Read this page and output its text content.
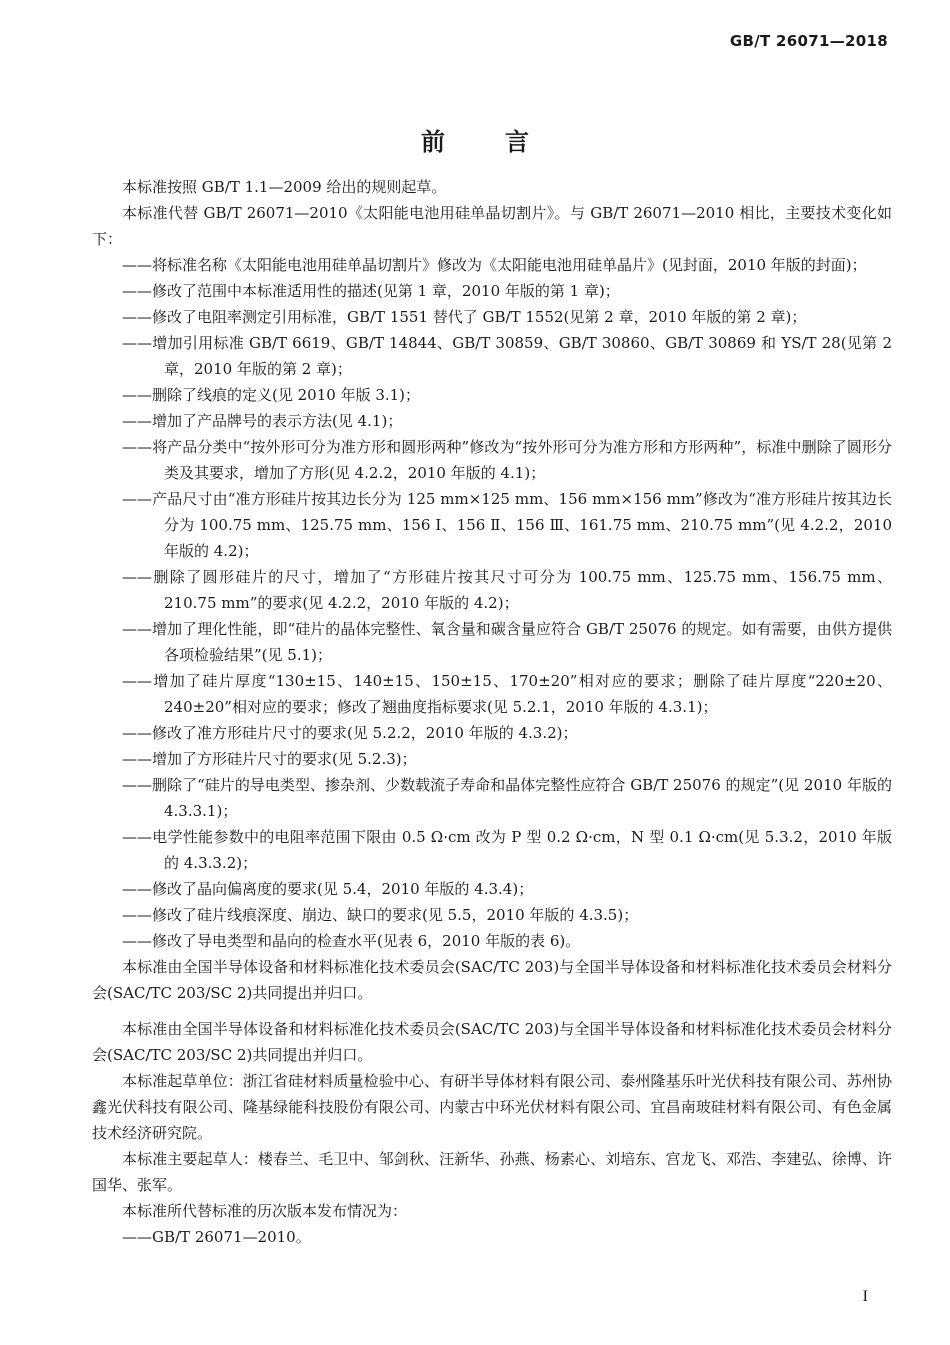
GB/T 26071—2018
前言
本标准按照 GB/T 1.1—2009 给出的规则起草。
本标准代替 GB/T 26071—2010《太阳能电池用硅单晶切割片》。与 GB/T 26071—2010 相比，主要技术变化如下：
——将标准名称《太阳能电池用硅单晶切割片》修改为《太阳能电池用硅单晶片》(见封面，2010 年版的封面)；
——修改了范围中本标准适用性的描述(见第 1 章，2010 年版的第 1 章)；
——修改了电阻率测定引用标准，GB/T 1551 替代了 GB/T 1552(见第 2 章，2010 年版的第 2 章)；
——增加引用标准 GB/T 6619、GB/T 14844、GB/T 30859、GB/T 30860、GB/T 30869 和 YS/T 28(见第 2 章，2010 年版的第 2 章)；
——删除了线痕的定义(见 2010 年版 3.1)；
——增加了产品牌号的表示方法(见 4.1)；
——将产品分类中“按外形可分为准方形和圆形两种”修改为“按外形可分为准方形和方形两种”，标准中删除了圆形分类及其要求，增加了方形(见 4.2.2，2010 年版的 4.1)；
——产品尺寸由“准方形硅片按其边长分为 125 mm×125 mm、156 mm×156 mm”修改为“准方形硅片按其边长分为 100.75 mm、125.75 mm、156 Ⅰ、156 Ⅱ、156 Ⅲ、161.75 mm、210.75 mm”(见 4.2.2，2010 年版的 4.2)；
——删除了圆形硅片的尺寸，增加了“方形硅片按其尺寸可分为 100.75 mm、125.75 mm、156.75 mm、210.75 mm”的要求(见 4.2.2，2010 年版的 4.2)；
——增加了理化性能，即“硅片的晶体完整性、氧含量和碳含量应符合 GB/T 25076 的规定。如有需要，由供方提供各项检验结果”(见 5.1)；
——增加了硅片厚度“130±15、140±15、150±15、170±20”相对应的要求；删除了硅片厚度“220±20、240±20”相对应的要求；修改了翘曲度指标要求(见 5.2.1，2010 年版的 4.3.1)；
——修改了准方形硅片尺寸的要求(见 5.2.2，2010 年版的 4.3.2)；
——增加了方形硅片尺寸的要求(见 5.2.3)；
——删除了“硅片的导电类型、掺杂剂、少数载流子寿命和晶体完整性应符合 GB/T 25076 的规定”(见 2010 年版的 4.3.3.1)；
——电学性能参数中的电阻率范围下限由 0.5 Ω·cm 改为 P 型 0.2 Ω·cm，N 型 0.1 Ω·cm(见 5.3.2，2010 年版的 4.3.3.2)；
——修改了晶向偏离度的要求(见 5.4，2010 年版的 4.3.4)；
——修改了硅片线痕深度、崩边、缺口的要求(见 5.5，2010 年版的 4.3.5)；
——修改了导电类型和晶向的检查水平(见表 6，2010 年版的表 6)。
本标准由全国半导体设备和材料标准化技术委员会(SAC/TC 203)与全国半导体设备和材料标准化技术委员会材料分会(SAC/TC 203/SC 2)共同提出并归口。
本标准由全国半导体设备和材料标准化技术委员会(SAC/TC 203)与全国半导体设备和材料标准化技术委员会材料分会(SAC/TC 203/SC 2)共同提出并归口。
本标准起草单位：浙江省硅材料质量检验中心、有研半导体材料有限公司、泰州隆基乐叶光伏科技有限公司、苏州协鑫光伏科技有限公司、隆基绿能科技股份有限公司、内蒙古中环光伏材料有限公司、宜昌南玻硅材料有限公司、有色金属技术经济研究院。
本标准主要起草人：楼春兰、毛卫中、邹剑秋、汪新华、孙燕、杨素心、刘培东、宫龙飞、邓浩、李建弘、徐博、许国华、张军。
本标准所代替标准的历次版本发布情况为：
——GB/T 26071—2010。
I
